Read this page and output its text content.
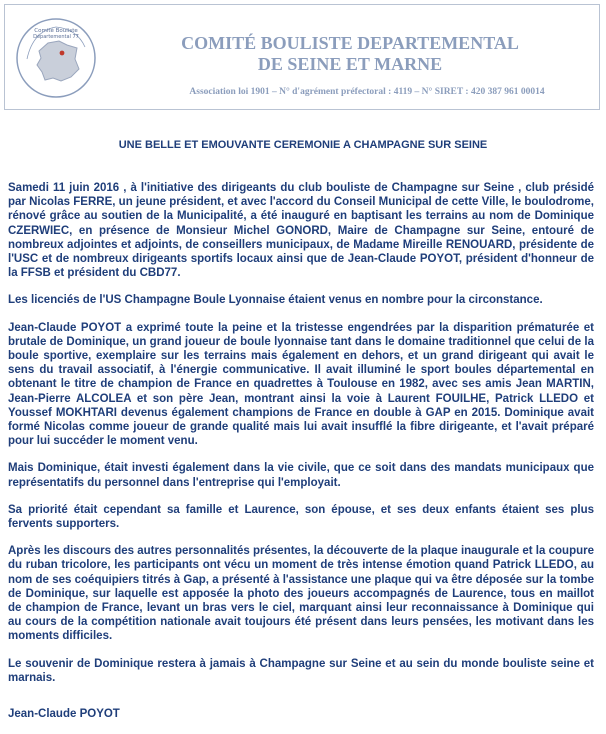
Comité Bouliste
Départemental 77	COMITÉ BOULISTE DEPARTEMENTAL
DE SEINE ET MARNE
Association loi 1901 – N° d'agrément préfectoral : 4119 – N° SIRET : 420 387 961 00014
UNE BELLE ET EMOUVANTE CEREMONIE A CHAMPAGNE SUR SEINE

Samedi 11 juin 2016 , à l'initiative des dirigeants du club bouliste de Champagne sur Seine , club présidé par Nicolas FERRE, un jeune président, et avec l'accord du Conseil Municipal de cette Ville, le boulodrome, rénové grâce au soutien de la Municipalité, a été inauguré en baptisant les terrains au nom de Dominique CZERWIEC, en présence de Monsieur Michel GONORD, Maire de Champagne sur Seine, entouré de nombreux adjointes et adjoints, de conseillers municipaux, de Madame Mireille RENOUARD, présidente de l'USC et de nombreux dirigeants sportifs locaux ainsi que de Jean-Claude POYOT, président d'honneur de la FFSB et président du CBD77.

Les licenciés de l'US Champagne Boule Lyonnaise étaient venus en nombre pour la circonstance.

Jean-Claude POYOT a exprimé toute la peine et la tristesse engendrées par la disparition prématurée et brutale de Dominique, un grand joueur de boule lyonnaise tant dans le domaine traditionnel que celui de la boule sportive, exemplaire sur les terrains mais également en dehors, et un grand dirigeant qui avait le sens du travail associatif, à l'énergie communicative. Il avait illuminé le sport boules départemental en obtenant le titre de champion de France en quadrettes à Toulouse en 1982, avec ses amis Jean MARTIN, Jean-Pierre ALCOLEA et son père Jean, montrant ainsi la voie à Laurent FOUILHE, Patrick LLEDO et Youssef MOKHTARI devenus également champions de France en double à GAP en 2015. Dominique avait formé Nicolas comme joueur de grande qualité mais lui avait insufflé la fibre dirigeante, et l'avait préparé pour lui succéder le moment venu.

Mais Dominique, était investi également dans la vie civile, que ce soit dans des mandats municipaux que représentatifs du personnel dans l'entreprise qui l'employait.

Sa priorité était cependant sa famille et Laurence, son épouse, et ses deux enfants étaient ses plus fervents supporters.

Après les discours des autres personnalités présentes, la découverte de la plaque inaugurale et la coupure du ruban tricolore, les participants ont vécu un moment de très intense émotion quand Patrick LLEDO, au nom de ses coéquipiers titrés à Gap, a présenté à l'assistance une plaque qui va être déposée sur la tombe de Dominique, sur laquelle est apposée la photo des joueurs accompagnés de Laurence, tous en maillot de champion de France, levant un bras vers le ciel, marquant ainsi leur reconnaissance à Dominique qui au cours de la compétition nationale avait toujours été présent dans leurs pensées, les motivant dans les moments difficiles.

Le souvenir de Dominique restera à jamais à Champagne sur Seine et au sein du monde bouliste seine et marnais.

Jean-Claude POYOT
